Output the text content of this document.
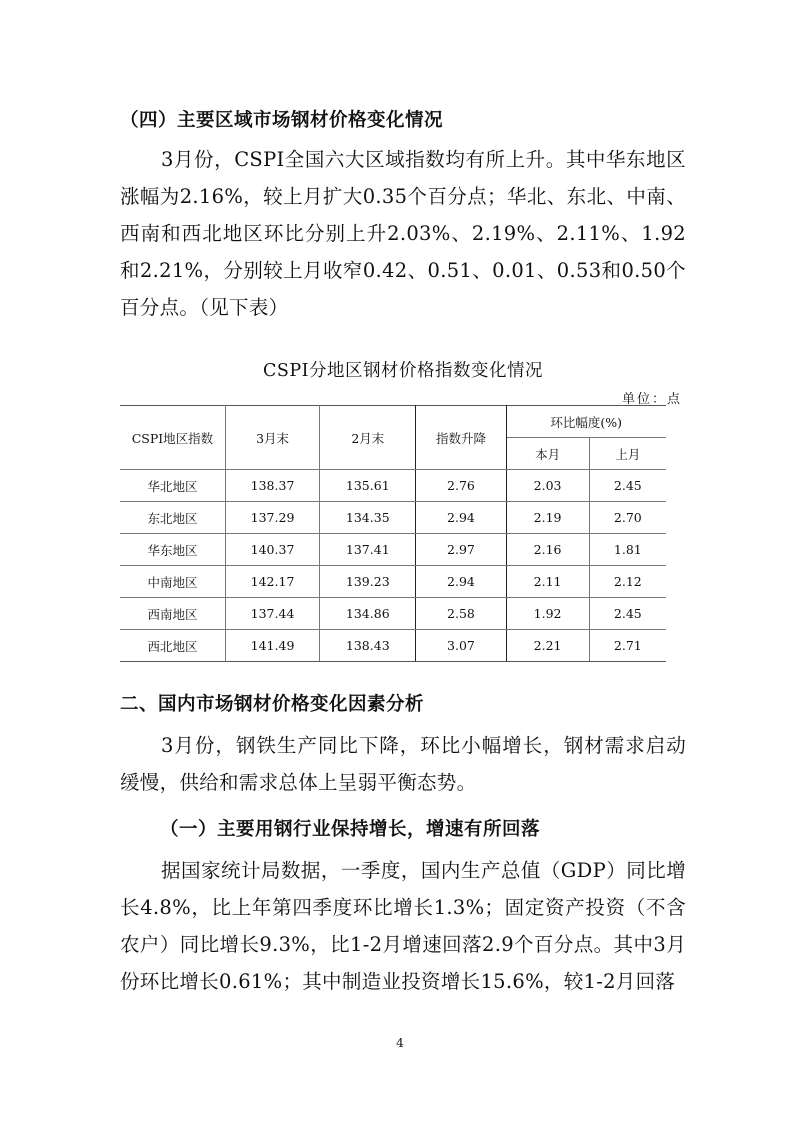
（四）主要区域市场钢材价格变化情况
3月份，CSPI全国六大区域指数均有所上升。其中华东地区涨幅为2.16%，较上月扩大0.35个百分点；华北、东北、中南、西南和西北地区环比分别上升2.03%、2.19%、2.11%、1.92和2.21%，分别较上月收窄0.42、0.51、0.01、0.53和0.50个百分点。（见下表）
CSPI分地区钢材价格指数变化情况
单位：点
CSPI地区指数	3月末	2月末	指数升降	环比幅度(%)	
				本月	上月
华北地区	138.37	135.61	2.76	2.03	2.45
东北地区	137.29	134.35	2.94	2.19	2.70
华东地区	140.37	137.41	2.97	2.16	1.81
中南地区	142.17	139.23	2.94	2.11	2.12
西南地区	137.44	134.86	2.58	1.92	2.45
西北地区	141.49	138.43	3.07	2.21	2.71
二、国内市场钢材价格变化因素分析
3月份，钢铁生产同比下降，环比小幅增长，钢材需求启动缓慢，供给和需求总体上呈弱平衡态势。
（一）主要用钢行业保持增长，增速有所回落
据国家统计局数据，一季度，国内生产总值（GDP）同比增长4.8%，比上年第四季度环比增长1.3%；固定资产投资（不含农户）同比增长9.3%，比1-2月增速回落2.9个百分点。其中3月份环比增长0.61%；其中制造业投资增长15.6%，较1-2月回落
4
